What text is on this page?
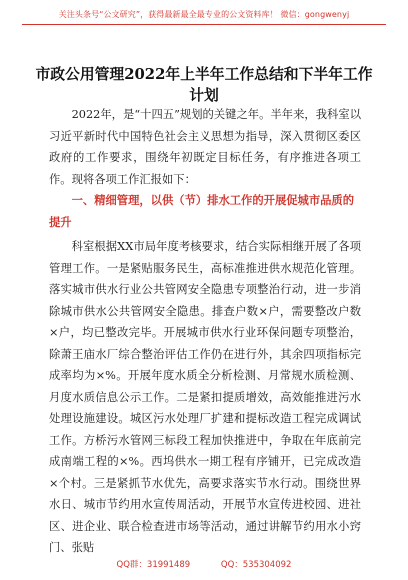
关注头条号“公文研究”，获得最新最全最专业的公文资料库！ 微信：gongwenyj
市政公用管理2022年上半年工作总结和下半年工作计划

2022年，是“十四五”规划的关键之年。半年来，我科室以习近平新时代中国特色社会主义思想为指导，深入贯彻区委区政府的工作要求，围绕年初既定目标任务，有序推进各项工作。现将各项工作汇报如下：

一、精细管理，以供（节）排水工作的开展促城市品质的提升

科室根据XX市局年度考核要求，结合实际相继开展了各项管理工作。一是紧贴服务民生，高标准推进供水规范化管理。落实城市供水行业公共管网安全隐患专项整治行动，进一步消除城市供水公共管网安全隐患。排查户数×户，需要整改户数×户，均已整改完毕。开展城市供水行业环保问题专项整治，除萧王庙水厂综合整治评估工作仍在进行外，其余四项指标完成率均为×%。开展年度水质全分析检测、月常规水质检测、月度水质信息公示工作。二是紧扣提质增效，高效能推进污水处理设施建设。城区污水处理厂扩建和提标改造工程完成调试工作。方桥污水管网三标段工程加快推进中，争取在年底前完成南端工程的×%。西坞供水一期工程有序铺开，已完成改造×个村。三是紧抓节水优先，高要求落实节水行动。围绕世界水日、城市节约用水宣传周活动，开展节水宣传进校园、进社区、进企业、联合检查进市场等活动，通过讲解节约用水小窍门、张贴

QQ群：31991489	QQ：535304092
